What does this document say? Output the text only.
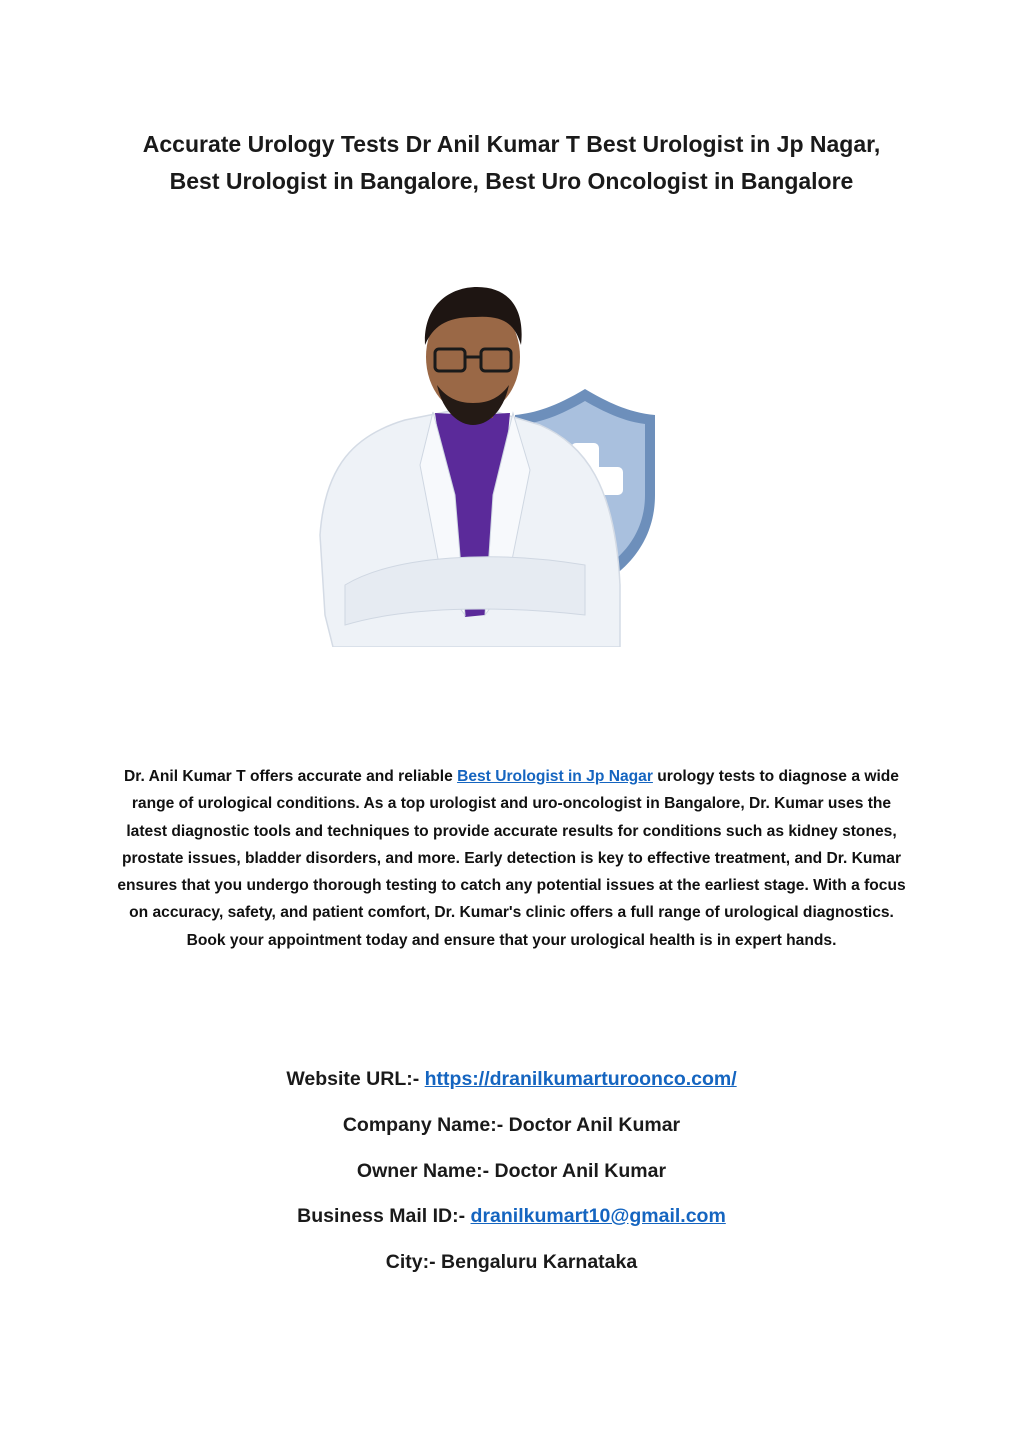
Accurate Urology Tests Dr Anil Kumar T Best Urologist in Jp Nagar,
Best Urologist in Bangalore, Best Uro Oncologist in Bangalore

Dr. Anil Kumar T offers accurate and reliable Best Urologist in Jp Nagar urology tests to diagnose a wide range of urological conditions. As a top urologist and uro-oncologist in Bangalore, Dr. Kumar uses the latest diagnostic tools and techniques to provide accurate results for conditions such as kidney stones, prostate issues, bladder disorders, and more. Early detection is key to effective treatment, and Dr. Kumar ensures that you undergo thorough testing to catch any potential issues at the earliest stage. With a focus on accuracy, safety, and patient comfort, Dr. Kumar's clinic offers a full range of urological diagnostics. Book your appointment today and ensure that your urological health is in expert hands.

Website URL:- https://dranilkumarturoonco.com/
Company Name:- Doctor Anil Kumar
Owner Name:- Doctor Anil Kumar
Business Mail ID:- dranilkumart10@gmail.com
City:- Bengaluru Karnataka
